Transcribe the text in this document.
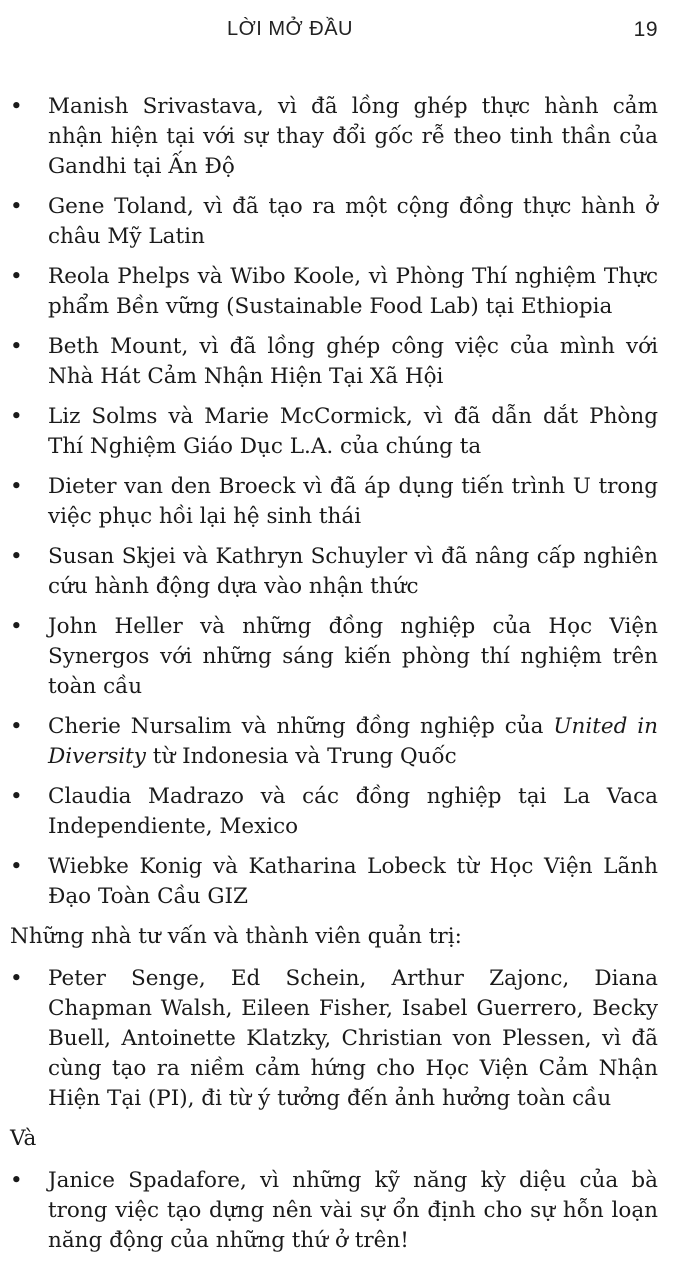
LỜI MỞ ĐẦU	19
• Manish Srivastava, vì đã lồng ghép thực hành cảm nhận hiện tại với sự thay đổi gốc rễ theo tinh thần của Gandhi tại Ấn Độ
• Gene Toland, vì đã tạo ra một cộng đồng thực hành ở châu Mỹ Latin
• Reola Phelps và Wibo Koole, vì Phòng Thí nghiệm Thực phẩm Bền vững (Sustainable Food Lab) tại Ethiopia
• Beth Mount, vì đã lồng ghép công việc của mình với Nhà Hát Cảm Nhận Hiện Tại Xã Hội
• Liz Solms và Marie McCormick, vì đã dẫn dắt Phòng Thí Nghiệm Giáo Dục L.A. của chúng ta
• Dieter van den Broeck vì đã áp dụng tiến trình U trong việc phục hồi lại hệ sinh thái
• Susan Skjei và Kathryn Schuyler vì đã nâng cấp nghiên cứu hành động dựa vào nhận thức
• John Heller và những đồng nghiệp của Học Viện Synergos với những sáng kiến phòng thí nghiệm trên toàn cầu
• Cherie Nursalim và những đồng nghiệp của United in Diversity từ Indonesia và Trung Quốc
• Claudia Madrazo và các đồng nghiệp tại La Vaca Independiente, Mexico
• Wiebke Konig và Katharina Lobeck từ Học Viện Lãnh Đạo Toàn Cầu GIZ
Những nhà tư vấn và thành viên quản trị:
• Peter Senge, Ed Schein, Arthur Zajonc, Diana Chapman Walsh, Eileen Fisher, Isabel Guerrero, Becky Buell, Antoinette Klatzky, Christian von Plessen, vì đã cùng tạo ra niềm cảm hứng cho Học Viện Cảm Nhận Hiện Tại (PI), đi từ ý tưởng đến ảnh hưởng toàn cầu
Và
• Janice Spadafore, vì những kỹ năng kỳ diệu của bà trong việc tạo dựng nên vài sự ổn định cho sự hỗn loạn năng động của những thứ ở trên!
